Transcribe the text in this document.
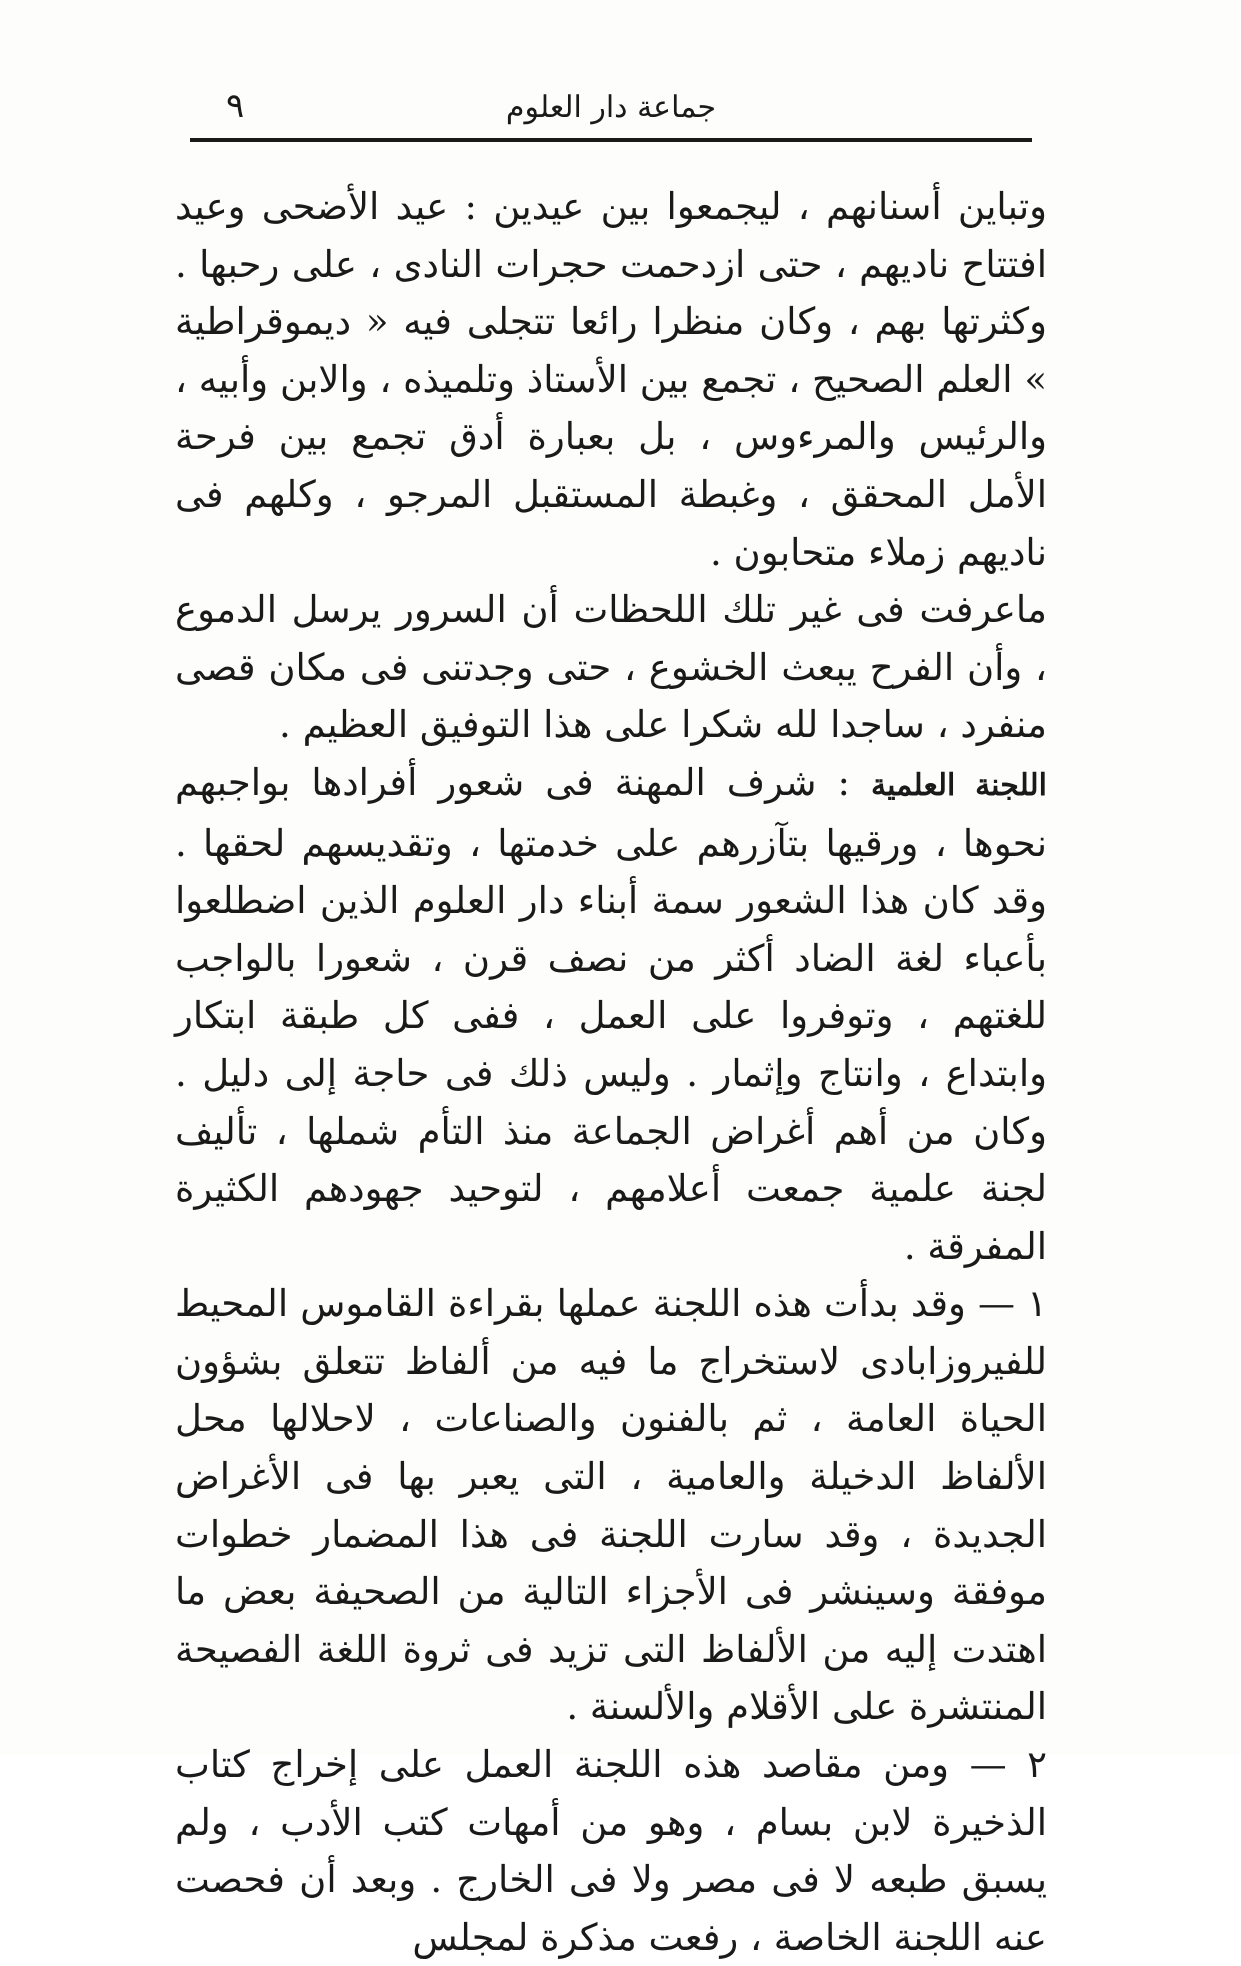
جماعة دار العلوم
٩

وتباين أسنانهم ، ليجمعوا بين عيدين : عيد الأضحى وعيد افتتاح ناديهم ، حتى ازدحمت حجرات النادى ، على رحبها . وكثرتها بهم ، وكان منظرا رائعا تتجلى فيه « ديموقراطية » العلم الصحيح ، تجمع بين الأستاذ وتلميذه ، والابن وأبيه ، والرئيس والمرءوس ، بل بعبارة أدق تجمع بين فرحة الأمل المحقق ، وغبطة المستقبل المرجو ، وكلهم فى ناديهم زملاء متحابون .

ماعرفت فى غير تلك اللحظات أن السرور يرسل الدموع ، وأن الفرح يبعث الخشوع ، حتى وجدتنى فى مكان قصى منفرد ، ساجدا لله شكرا على هذا التوفيق العظيم .

اللجنة العلمية : شرف المهنة فى شعور أفرادها بواجبهم نحوها ، ورقيها بتآزرهم على خدمتها ، وتقديسهم لحقها . وقد كان هذا الشعور سمة أبناء دار العلوم الذين اضطلعوا بأعباء لغة الضاد أكثر من نصف قرن ، شعورا بالواجب للغتهم ، وتوفروا على العمل ، ففى كل طبقة ابتكار وابتداع ، وانتاج وإثمار . وليس ذلك فى حاجة إلى دليل . وكان من أهم أغراض الجماعة منذ التأم شملها ، تأليف لجنة علمية جمعت أعلامهم ، لتوحيد جهودهم الكثيرة المفرقة .

١ — وقد بدأت هذه اللجنة عملها بقراءة القاموس المحيط للفيروزابادى لاستخراج ما فيه من ألفاظ تتعلق بشؤون الحياة العامة ، ثم بالفنون والصناعات ، لاحلالها محل الألفاظ الدخيلة والعامية ، التى يعبر بها فى الأغراض الجديدة ، وقد سارت اللجنة فى هذا المضمار خطوات موفقة وسينشر فى الأجزاء التالية من الصحيفة بعض ما اهتدت إليه من الألفاظ التى تزيد فى ثروة اللغة الفصيحة المنتشرة على الأقلام والألسنة .

٢ — ومن مقاصد هذه اللجنة العمل على إخراج كتاب الذخيرة لابن بسام ، وهو من أمهات كتب الأدب ، ولم يسبق طبعه لا فى مصر ولا فى الخارج . وبعد أن فحصت عنه اللجنة الخاصة ، رفعت مذكرة لمجلس
